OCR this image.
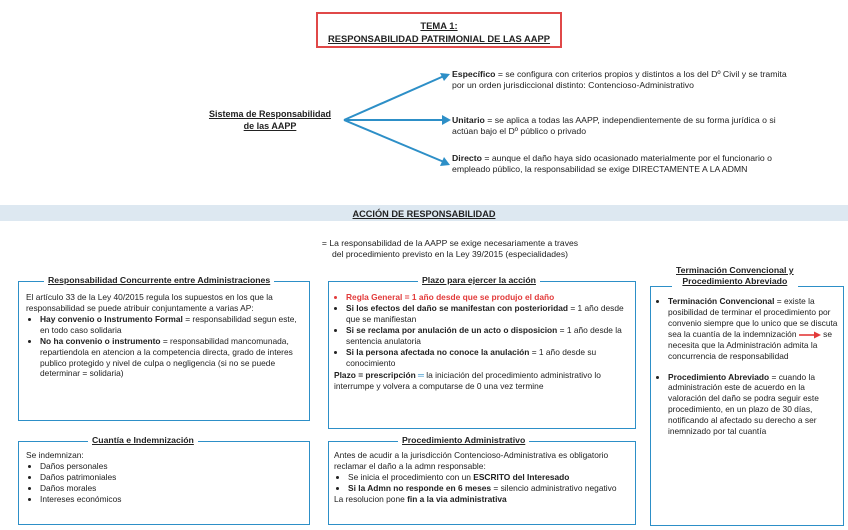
TEMA 1:
RESPONSABILIDAD PATRIMONIAL DE LAS AAPP
Sistema de Responsabilidad
de las AAPP
Específico = se configura con criterios propios y distintos a los del Dº Civil y se tramita por un orden jurisdiccional distinto: Contencioso-Administrativo
Unitario = se aplica a todas las AAPP, independientemente de su forma jurídica o si actúan bajo el Dº público o privado
Directo = aunque el daño haya sido ocasionado materialmente por el funcionario o empleado público, la responsabilidad se exige DIRECTAMENTE A LA ADMN
ACCIÓN DE RESPONSABILIDAD
= La responsabilidad de la AAPP se exige necesariamente a traves
del procedimiento previsto en la Ley 39/2015 (especialidades)
Responsabilidad Concurrente entre Administraciones
El artículo 33 de la Ley 40/2015 regula los supuestos en los que la responsabilidad se puede atribuir conjuntamente a varias AP:
• Hay convenio o Instrumento Formal = responsabilidad segun este, en todo caso solidaria
• No ha convenio o instrumento = responsabilidad mancomunada, repartiendola en atencion a la competencia directa, grado de interes publico protegido y nivel de culpa o negligencia (si no se puede determinar = solidaria)
Cuantía e Indemnización
Se indemnizan:
• Daños personales
• Daños patrimoniales
• Daños morales
• Intereses económicos
Plazo para ejercer la acción
• Regla General = 1 año desde que se produjo el daño
• Si los efectos del daño se manifestan con posterioridad = 1 año desde que se manifiestan
• Si se reclama por anulación de un acto o disposicion = 1 año desde la sentencia anulatoria
• Si la persona afectada no conoce la anulación = 1 año desde su conocimiento
Plazo = prescripción ═ la iniciación del procedimiento administrativo lo interrumpe y volvera a computarse de 0 una vez termine
Procedimiento Administrativo
Antes de acudir a la jurisdicción Contencioso-Administrativa es obligatorio reclamar el daño a la admn responsable:
• Se inicia el procedimiento con un ESCRITO del Interesado
• Si la Admn no responde en 6 meses = silencio administrativo negativo
La resolucion pone fin a la via administrativa
Terminación Convencional y
Procedimiento Abreviado
• Terminación Convencional = existe la posibilidad de terminar el procedimiento por convenio siempre que lo unico que se discuta sea la cuantía de la indemnización	se necesita que la Administración admita la concurrencia de responsabilidad
• Procedimiento Abreviado = cuando la administración este de acuerdo en la valoración del daño se podra seguir este procedimiento, en un plazo de 30 días, notificando al afectado su derecho a ser inemnizado por tal cuantía
